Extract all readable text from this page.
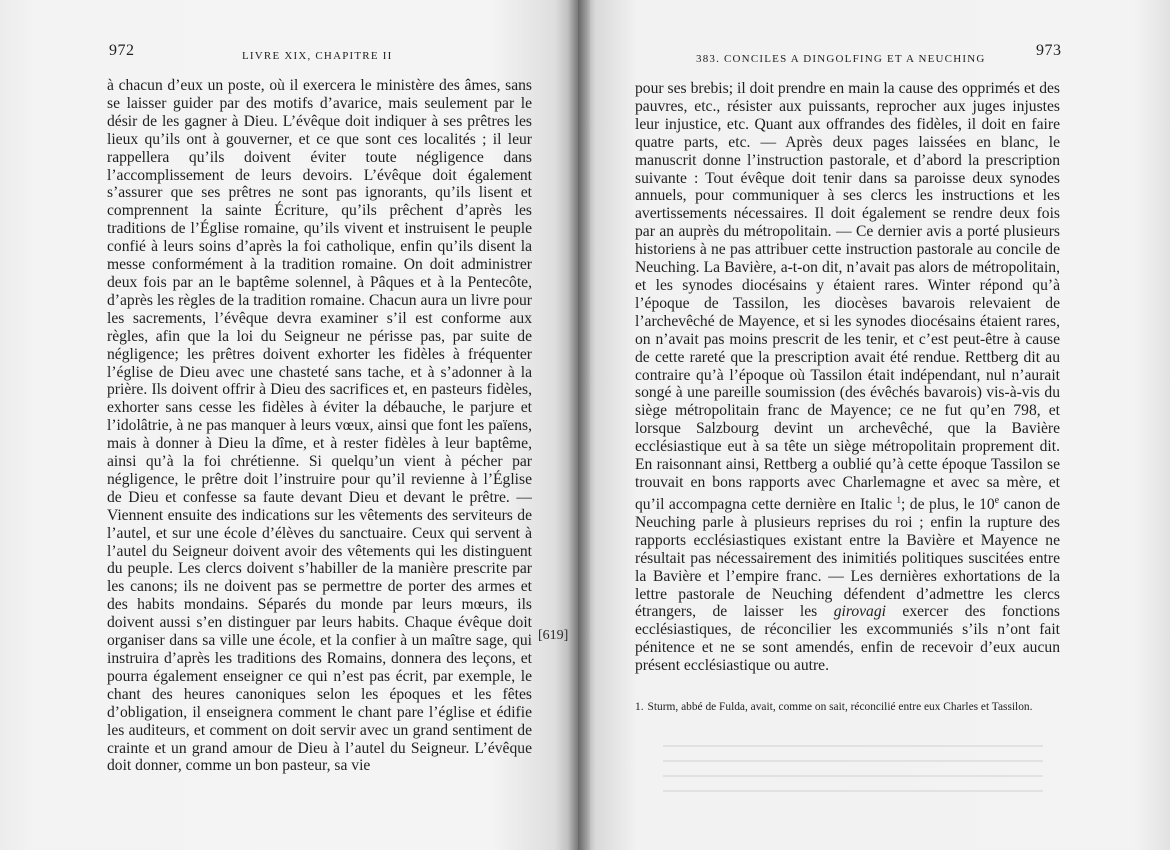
972	LIVRE XIX, CHAPITRE II

à chacun d’eux un poste, où il exercera le ministère des âmes, sans se laisser guider par des motifs d’avarice, mais seulement par le désir de les gagner à Dieu. L’évêque doit indiquer à ses prêtres les lieux qu’ils ont à gouverner, et ce que sont ces localités ; il leur rappellera qu’ils doivent éviter toute négligence dans l’accomplissement de leurs devoirs. L’évêque doit également s’assurer que ses prêtres ne sont pas ignorants, qu’ils lisent et comprennent la sainte Écriture, qu’ils prêchent d’après les traditions de l’Église romaine, qu’ils vivent et instruisent le peuple confié à leurs soins d’après la foi catholique, enfin qu’ils disent la messe conformément à la tradition romaine. On doit administrer deux fois par an le baptême solennel, à Pâques et à la Pentecôte, d’après les règles de la tradition romaine. Chacun aura un livre pour les sacrements, l’évêque devra examiner s’il est conforme aux règles, afin que la loi du Seigneur ne périsse pas, par suite de négligence; les prêtres doivent exhorter les fidèles à fréquenter l’église de Dieu avec une chasteté sans tache, et à s’adonner à la prière. Ils doivent offrir à Dieu des sacrifices et, en pasteurs fidèles, exhorter sans cesse les fidèles à éviter la débauche, le parjure et l’idolâtrie, à ne pas manquer à leurs vœux, ainsi que font les païens, mais à donner à Dieu la dîme, et à rester fidèles à leur baptême, ainsi qu’à la foi chrétienne. Si quelqu’un vient à pécher par négligence, le prêtre doit l’instruire pour qu’il revienne à l’Église de Dieu et confesse sa faute devant Dieu et devant le prêtre. — Viennent ensuite des indications sur les vêtements des serviteurs de l’autel, et sur une école d’élèves du sanctuaire. Ceux qui servent à l’autel du Seigneur doivent avoir des vêtements qui les distinguent du peuple. Les clercs doivent s’habiller de la manière prescrite par les canons; ils ne doivent pas se permettre de porter des armes et des habits mondains. Séparés du monde par leurs mœurs, ils doivent aussi s’en distinguer par leurs habits. Chaque évêque doit organiser dans sa ville une école, et la confier à un maître sage, qui instruira d’après les traditions des Romains, donnera des leçons, et pourra également enseigner ce qui n’est pas écrit, par exemple, le chant des heures canoniques selon les époques et les fêtes d’obligation, il enseignera comment le chant pare l’église et édifie les auditeurs, et comment on doit servir avec un grand sentiment de crainte et un grand amour de Dieu à l’autel du Seigneur. L’évêque doit donner, comme un bon pasteur, sa vie

[619]
973
383. CONCILES A DINGOLFING ET A NEUCHING

pour ses brebis; il doit prendre en main la cause des opprimés et des pauvres, etc., résister aux puissants, reprocher aux juges injustes leur injustice, etc. Quant aux offrandes des fidèles, il doit en faire quatre parts, etc. — Après deux pages laissées en blanc, le manuscrit donne l’instruction pastorale, et d’abord la prescription suivante : Tout évêque doit tenir dans sa paroisse deux synodes annuels, pour communiquer à ses clercs les instructions et les avertissements nécessaires. Il doit également se rendre deux fois par an auprès du métropolitain. — Ce dernier avis a porté plusieurs historiens à ne pas attribuer cette instruction pastorale au concile de Neuching. La Bavière, a-t-on dit, n’avait pas alors de métropolitain, et les synodes diocésains y étaient rares. Winter répond qu’à l’époque de Tassilon, les diocèses bavarois relevaient de l’archevêché de Mayence, et si les synodes diocésains étaient rares, on n’avait pas moins prescrit de les tenir, et c’est peut-être à cause de cette rareté que la prescription avait été rendue. Rettberg dit au contraire qu’à l’époque où Tassilon était indépendant, nul n’aurait songé à une pareille soumission (des évêchés bavarois) vis-à-vis du siège métropolitain franc de Mayence; ce ne fut qu’en 798, et lorsque Salzbourg devint un archevêché, que la Bavière ecclésiastique eut à sa tête un siège métropolitain proprement dit. En raisonnant ainsi, Rettberg a oublié qu’à cette époque Tassilon se trouvait en bons rapports avec Charlemagne et avec sa mère, et qu’il accompagna cette dernière en Italic $^1$; de plus, le 10e canon de Neuching parle à plusieurs reprises du roi ; enfin la rupture des rapports ecclésiastiques existant entre la Bavière et Mayence ne résultait pas nécessairement des inimitiés politiques suscitées entre la Bavière et l’empire franc. — Les dernières exhortations de la lettre pastorale de Neuching défendent d’admettre les clercs étrangers, de laisser les girovagi exercer des fonctions ecclésiastiques, de réconcilier les excommuniés s’ils n’ont fait pénitence et ne se sont amendés, enfin de recevoir d’eux aucun présent ecclésiastique ou autre.

1. Sturm, abbé de Fulda, avait, comme on sait, réconcilié entre eux Charles et Tassilon.
